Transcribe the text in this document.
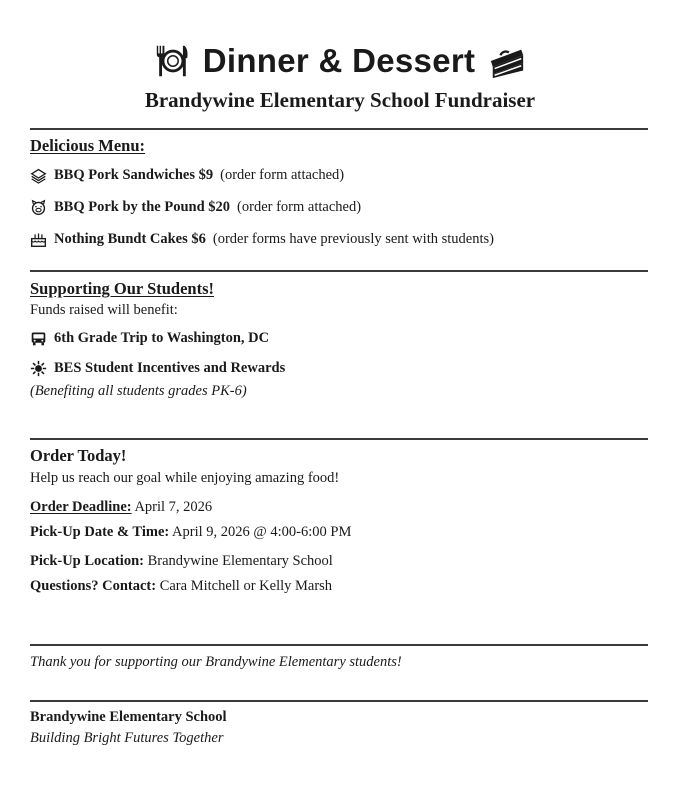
Dinner & Dessert
Brandywine Elementary School Fundraiser

Delicious Menu:

BBQ Pork Sandwiches $9 (order form attached)

BBQ Pork by the Pound $20 (order form attached)

Nothing Bundt Cakes $6 (order forms have previously sent with students)

Supporting Our Students!

Funds raised will benefit:

6th Grade Trip to Washington, DC

BES Student Incentives and Rewards

(Benefiting all students grades PK-6)

Order Today!

Help us reach our goal while enjoying amazing food!

Order Deadline: April 7, 2026

Pick-Up Date & Time: April 9, 2026 @ 4:00-6:00 PM

Pick-Up Location: Brandywine Elementary School

Questions? Contact: Cara Mitchell or Kelly Marsh

Thank you for supporting our Brandywine Elementary students!

Brandywine Elementary School

Building Bright Futures Together
